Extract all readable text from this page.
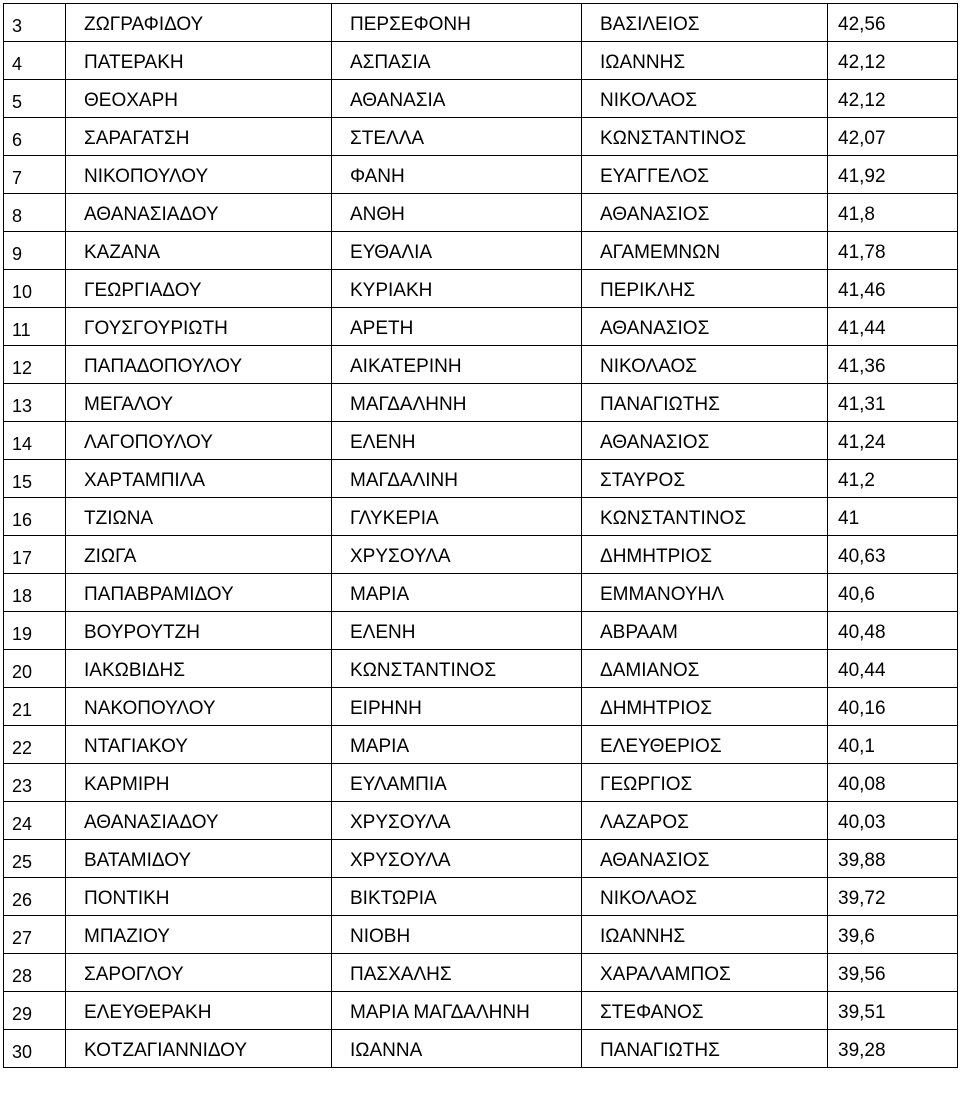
3	ΖΩΓΡΑΦΙΔΟΥ	ΠΕΡΣΕΦΟΝΗ	ΒΑΣΙΛΕΙΟΣ	42,56
4	ΠΑΤΕΡΑΚΗ	ΑΣΠΑΣΙΑ	ΙΩΑΝΝΗΣ	42,12
5	ΘΕΟΧΑΡΗ	ΑΘΑΝΑΣΙΑ	ΝΙΚΟΛΑΟΣ	42,12
6	ΣΑΡΑΓΑΤΣΗ	ΣΤΕΛΛΑ	ΚΩΝΣΤΑΝΤΙΝΟΣ	42,07
7	ΝΙΚΟΠΟΥΛΟΥ	ΦΑΝΗ	ΕΥΑΓΓΕΛΟΣ	41,92
8	ΑΘΑΝΑΣΙΑΔΟΥ	ΑΝΘΗ	ΑΘΑΝΑΣΙΟΣ	41,8
9	ΚΑΖΑΝΑ	ΕΥΘΑΛΙΑ	ΑΓΑΜΕΜΝΩΝ	41,78
10	ΓΕΩΡΓΙΑΔΟΥ	ΚΥΡΙΑΚΗ	ΠΕΡΙΚΛΗΣ	41,46
11	ΓΟΥΣΓΟΥΡΙΩΤΗ	ΑΡΕΤΗ	ΑΘΑΝΑΣΙΟΣ	41,44
12	ΠΑΠΑΔΟΠΟΥΛΟΥ	ΑΙΚΑΤΕΡΙΝΗ	ΝΙΚΟΛΑΟΣ	41,36
13	ΜΕΓΑΛΟΥ	ΜΑΓΔΑΛΗΝΗ	ΠΑΝΑΓΙΩΤΗΣ	41,31
14	ΛΑΓΟΠΟΥΛΟΥ	ΕΛΕΝΗ	ΑΘΑΝΑΣΙΟΣ	41,24
15	ΧΑΡΤΑΜΠΙΛΑ	ΜΑΓΔΑΛΙΝΗ	ΣΤΑΥΡΟΣ	41,2
16	ΤΖΙΩΝΑ	ΓΛΥΚΕΡΙΑ	ΚΩΝΣΤΑΝΤΙΝΟΣ	41
17	ΖΙΩΓΑ	ΧΡΥΣΟΥΛΑ	ΔΗΜΗΤΡΙΟΣ	40,63
18	ΠΑΠΑΒΡΑΜΙΔΟΥ	ΜΑΡΙΑ	ΕΜΜΑΝΟΥΗΛ	40,6
19	ΒΟΥΡΟΥΤΖΗ	ΕΛΕΝΗ	ΑΒΡΑΑΜ	40,48
20	ΙΑΚΩΒΙΔΗΣ	ΚΩΝΣΤΑΝΤΙΝΟΣ	ΔΑΜΙΑΝΟΣ	40,44
21	ΝΑΚΟΠΟΥΛΟΥ	ΕΙΡΗΝΗ	ΔΗΜΗΤΡΙΟΣ	40,16
22	ΝΤΑΓΙΑΚΟΥ	ΜΑΡΙΑ	ΕΛΕΥΘΕΡΙΟΣ	40,1
23	ΚΑΡΜΙΡΗ	ΕΥΛΑΜΠΙΑ	ΓΕΩΡΓΙΟΣ	40,08
24	ΑΘΑΝΑΣΙΑΔΟΥ	ΧΡΥΣΟΥΛΑ	ΛΑΖΑΡΟΣ	40,03
25	ΒΑΤΑΜΙΔΟΥ	ΧΡΥΣΟΥΛΑ	ΑΘΑΝΑΣΙΟΣ	39,88
26	ΠΟΝΤΙΚΗ	ΒΙΚΤΩΡΙΑ	ΝΙΚΟΛΑΟΣ	39,72
27	ΜΠΑΖΙΟΥ	ΝΙΟΒΗ	ΙΩΑΝΝΗΣ	39,6
28	ΣΑΡΟΓΛΟΥ	ΠΑΣΧΑΛΗΣ	ΧΑΡΑΛΑΜΠΟΣ	39,56
29	ΕΛΕΥΘΕΡΑΚΗ	ΜΑΡΙΑ ΜΑΓΔΑΛΗΝΗ	ΣΤΕΦΑΝΟΣ	39,51
30	ΚΟΤΖΑΓΙΑΝΝΙΔΟΥ	ΙΩΑΝΝΑ	ΠΑΝΑΓΙΩΤΗΣ	39,28
